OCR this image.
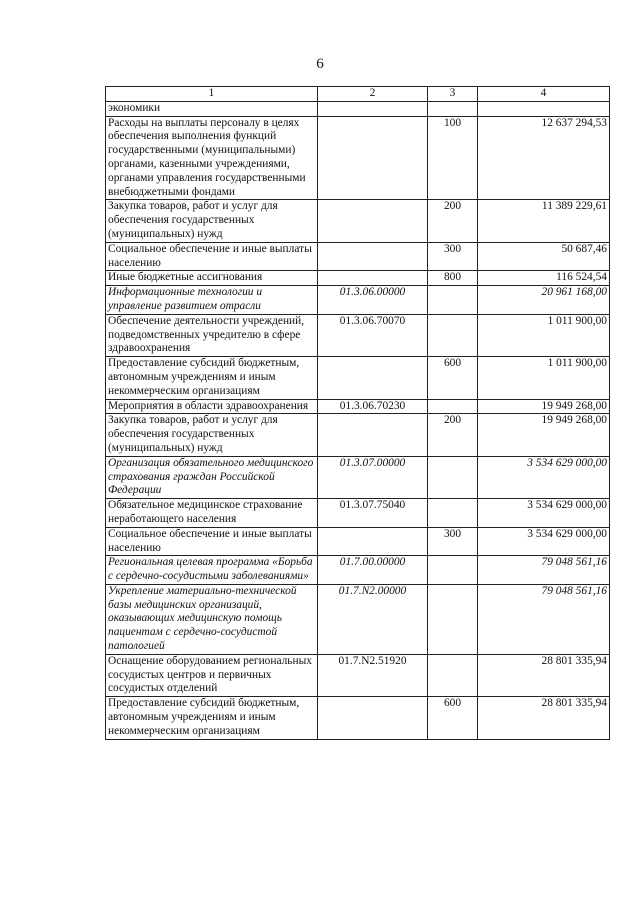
6
1	2	3	4
экономики			
Расходы на выплаты персоналу в целях обеспечения выполнения функций государственными (муниципальными) органами, казенными учреждениями, органами управления государственными внебюджетными фондами		100	12 637 294,53
Закупка товаров, работ и услуг для обеспечения государственных (муниципальных) нужд		200	11 389 229,61
Социальное обеспечение и иные выплаты населению		300	50 687,46
Иные бюджетные ассигнования		800	116 524,54
Информационные технологии и управление развитием отрасли	01.3.06.00000		20 961 168,00
Обеспечение деятельности учреждений, подведомственных учредителю в сфере здравоохранения	01.3.06.70070		1 011 900,00
Предоставление субсидий бюджетным, автономным учреждениям и иным некоммерческим организациям		600	1 011 900,00
Мероприятия в области здравоохранения	01.3.06.70230		19 949 268,00
Закупка товаров, работ и услуг для обеспечения государственных (муниципальных) нужд		200	19 949 268,00
Организация обязательного медицинского страхования граждан Российской Федерации	01.3.07.00000		3 534 629 000,00
Обязательное медицинское страхование неработающего населения	01.3.07.75040		3 534 629 000,00
Социальное обеспечение и иные выплаты населению		300	3 534 629 000,00
Региональная целевая программа «Борьба с сердечно-сосудистыми заболеваниями»	01.7.00.00000		79 048 561,16
Укрепление материально-технической базы медицинских организаций, оказывающих медицинскую помощь пациентам с сердечно-сосудистой патологией	01.7.N2.00000		79 048 561,16
Оснащение оборудованием региональных сосудистых центров и первичных сосудистых отделений	01.7.N2.51920		28 801 335,94
Предоставление субсидий бюджетным, автономным учреждениям и иным некоммерческим организациям		600	28 801 335,94
